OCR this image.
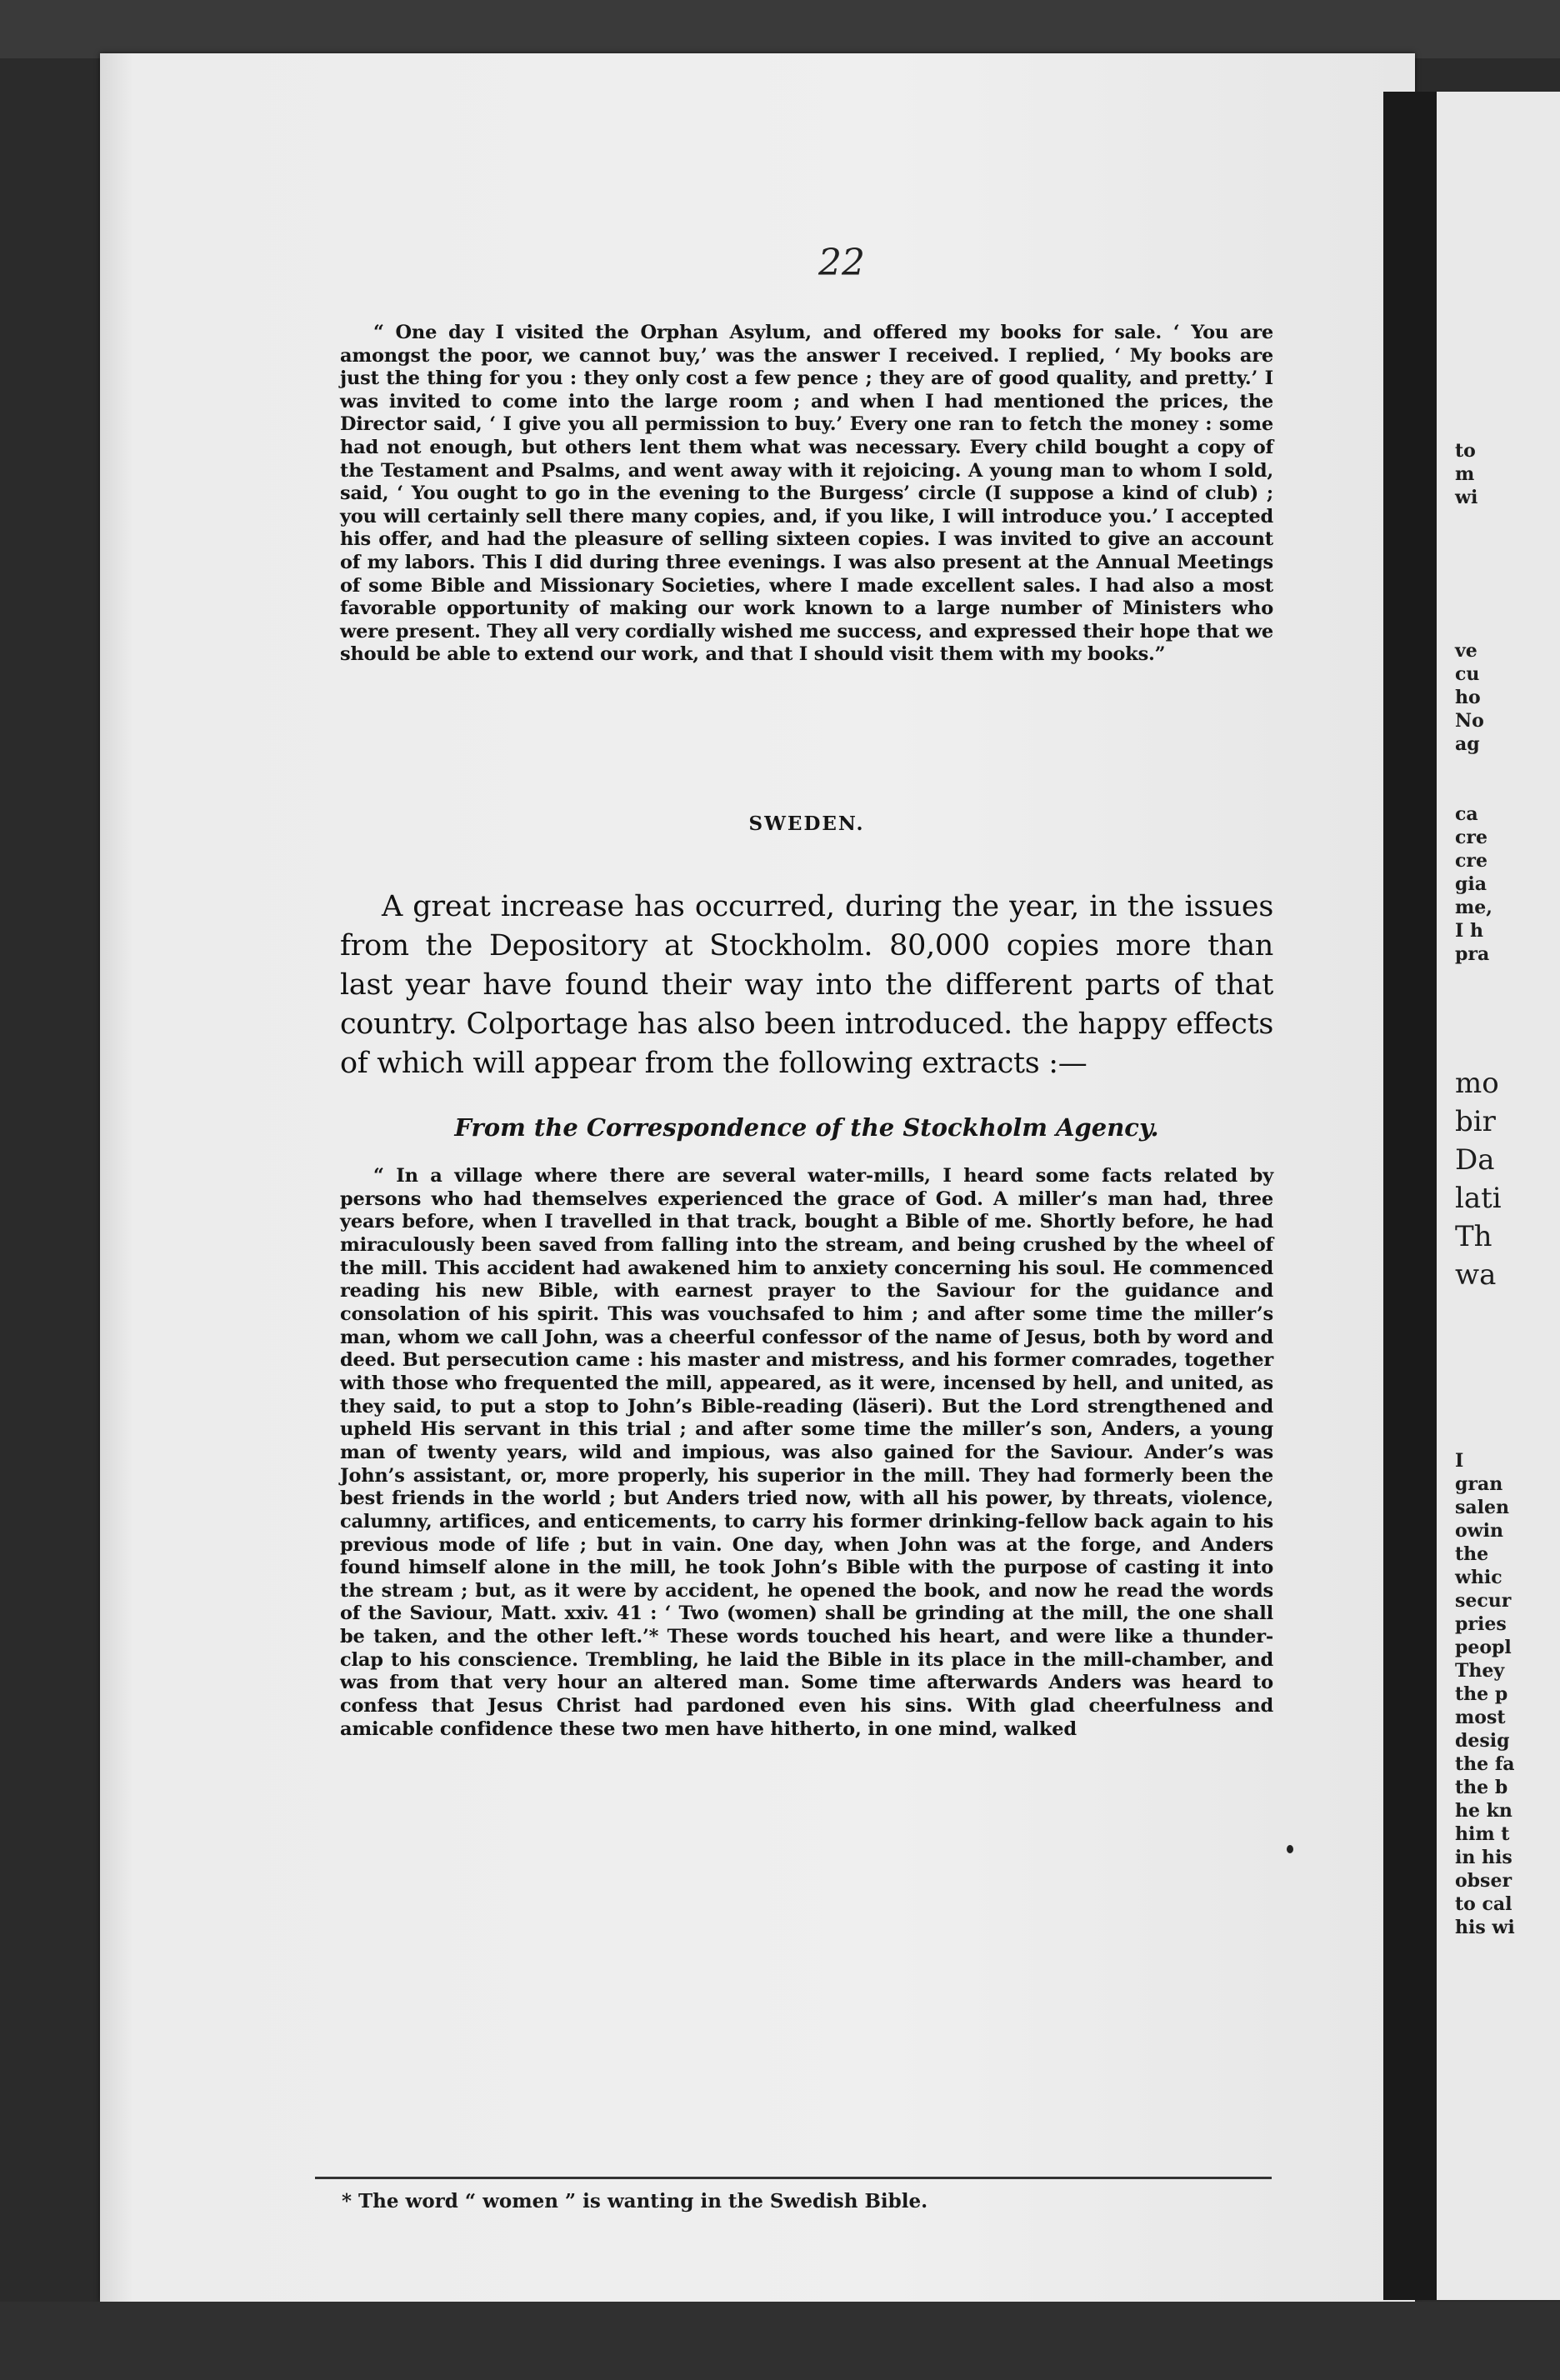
22

“ One day I visited the Orphan Asylum, and offered my books for sale. ‘ You are amongst the poor, we cannot buy,’ was the answer I received. I replied, ‘ My books are just the thing for you : they only cost a few pence ; they are of good quality, and pretty.’ I was invited to come into the large room ; and when I had mentioned the prices, the Director said, ‘ I give you all permission to buy.’ Every one ran to fetch the money : some had not enough, but others lent them what was necessary. Every child bought a copy of the Testament and Psalms, and went away with it rejoicing. A young man to whom I sold, said, ‘ You ought to go in the evening to the Burgess’ circle (I suppose a kind of club) ; you will certainly sell there many copies, and, if you like, I will introduce you.’ I accepted his offer, and had the pleasure of selling sixteen copies. I was invited to give an account of my labors. This I did during three evenings. I was also present at the Annual Meetings of some Bible and Missionary Societies, where I made excellent sales. I had also a most favorable opportunity of making our work known to a large number of Ministers who were present. They all very cordially wished me success, and expressed their hope that we should be able to extend our work, and that I should visit them with my books.”

SWEDEN.

A great increase has occurred, during the year, in the issues from the Depository at Stockholm. 80,000 copies more than last year have found their way into the different parts of that country. Colportage has also been introduced. the happy effects of which will appear from the following extracts :—

From the Correspondence of the Stockholm Agency.

“ In a village where there are several water-mills, I heard some facts related by persons who had themselves experienced the grace of God. A miller’s man had, three years before, when I travelled in that track, bought a Bible of me. Shortly before, he had miraculously been saved from falling into the stream, and being crushed by the wheel of the mill. This accident had awakened him to anxiety concerning his soul. He commenced reading his new Bible, with earnest prayer to the Saviour for the guidance and consolation of his spirit. This was vouchsafed to him ; and after some time the miller’s man, whom we call John, was a cheerful confessor of the name of Jesus, both by word and deed. But persecution came : his master and mistress, and his former comrades, together with those who frequented the mill, appeared, as it were, incensed by hell, and united, as they said, to put a stop to John’s Bible-reading (läseri). But the Lord strengthened and upheld His servant in this trial ; and after some time the miller’s son, Anders, a young man of twenty years, wild and impious, was also gained for the Saviour. Ander’s was John’s assistant, or, more properly, his superior in the mill. They had formerly been the best friends in the world ; but Anders tried now, with all his power, by threats, violence, calumny, artifices, and enticements, to carry his former drinking-fellow back again to his previous mode of life ; but in vain. One day, when John was at the forge, and Anders found himself alone in the mill, he took John’s Bible with the purpose of casting it into the stream ; but, as it were by accident, he opened the book, and now he read the words of the Saviour, Matt. xxiv. 41 : ‘ Two (women) shall be grinding at the mill, the one shall be taken, and the other left.’* These words touched his heart, and were like a thunder-clap to his conscience. Trembling, he laid the Bible in its place in the mill-chamber, and was from that very hour an altered man. Some time afterwards Anders was heard to confess that Jesus Christ had pardoned even his sins. With glad cheerfulness and amicable confidence these two men have hitherto, in one mind, walked

* The word “ women ” is wanting in the Swedish Bible.
to
m
wi
ve
cu
ho
No
ag
ca
cre
cre
gia
me,
I h
pra
mo
bir
Da
lati
Th
wa
I
gran
salen
owin
the
whic
secur
pries
peopl
They
the p
most
desig
the fa
the b
he kn
him t
in his
obser
to cal
his wi
